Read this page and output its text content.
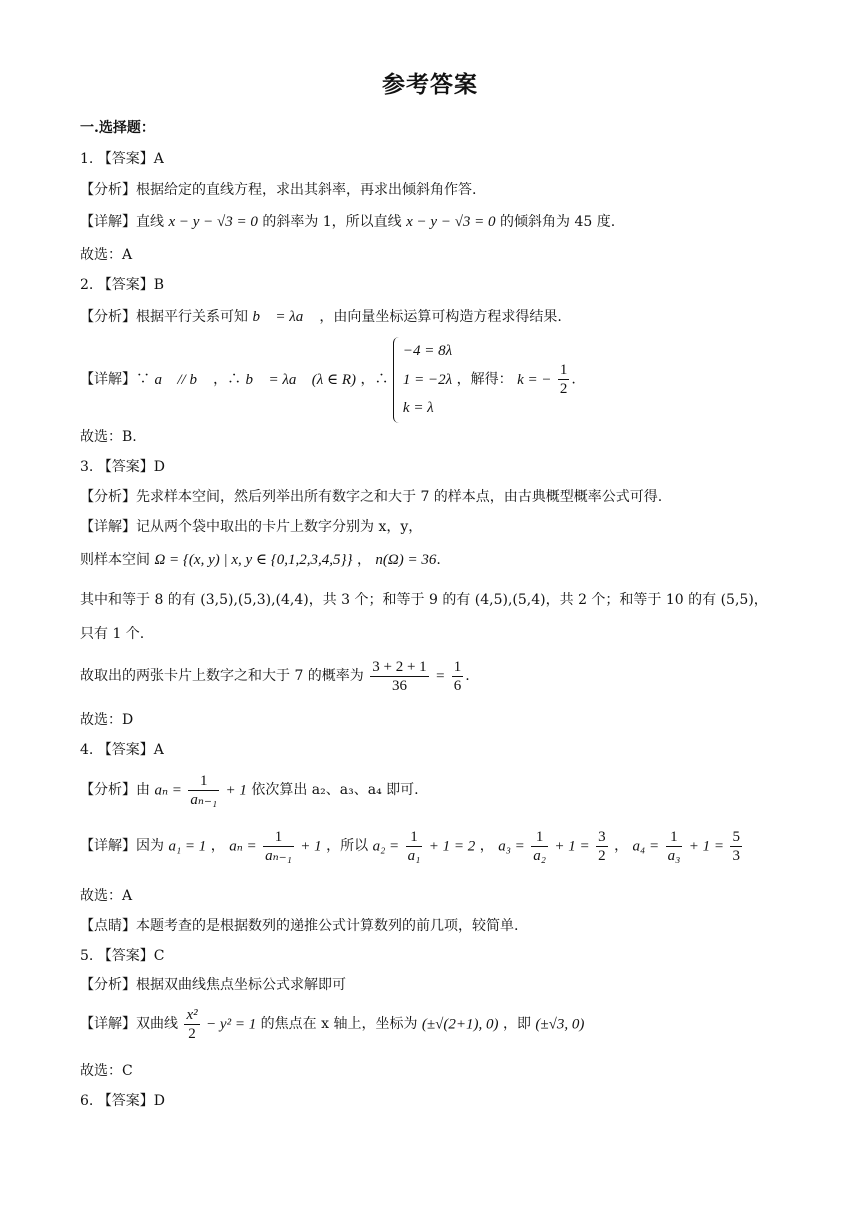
参考答案
一.选择题：
1. 【答案】A
【分析】根据给定的直线方程，求出其斜率，再求出倾斜角作答.
【详解】直线 x − y − √3 = 0 的斜率为 1，所以直线 x − y − √3 = 0 的倾斜角为 45 度.
故选：A
2. 【答案】B
【分析】根据平行关系可知 b⃗ = λa⃗ ，由向量坐标运算可构造方程求得结果.
【详解】∵ a⃗ // b⃗ ，∴ b⃗ = λa⃗ (λ ∈ R) ，∴
−4 = 8λ
1 = −2λ
k = λ
，解得： k = − $\frac{1}{2}$ .
故选：B.
3. 【答案】D
【分析】先求样本空间，然后列举出所有数字之和大于 7 的样本点，由古典概型概率公式可得.
【详解】记从两个袋中取出的卡片上数字分别为 x，y，
则样本空间 Ω = {(x, y) | x, y ∈ {0,1,2,3,4,5}} ， n(Ω) = 36.
其中和等于 8 的有 (3,5),(5,3),(4,4)，共 3 个；和等于 9 的有 (4,5),(5,4)，共 2 个；和等于 10 的有 (5,5)，
只有 1 个.
故取出的两张卡片上数字之和大于 7 的概率为 $\frac{3 + 2 + 1}{36} = \frac{1}{6}$ .
故选：D
4. 【答案】A
【分析】由 $a_n = \frac{1}{\text{aₙ₋₁}} + 1$ 依次算出 a₂、a₃、a₄ 即可.
【详解】因为 a₁ = 1 ， $a_n = \frac{1}{\text{aₙ₋₁}} + 1$ ，所以 $a_2 = \frac{1}{\text{a₁}} + 1 = 2$ ， $a_3 = \frac{1}{\text{a₂}} + 1 = \frac{3}{2}$ ， $a_4 = \frac{1}{\text{a₃}} + 1 = \frac{5}{3}$
故选：A
【点睛】本题考查的是根据数列的递推公式计算数列的前几项，较简单.
5. 【答案】C
【分析】根据双曲线焦点坐标公式求解即可
【详解】双曲线 $\frac{\text{x²}}{2} - y^2 = 1$ 的焦点在 x 轴上，坐标为 (±√(2+1), 0) ，即 (±√3, 0)
故选：C
6. 【答案】D
